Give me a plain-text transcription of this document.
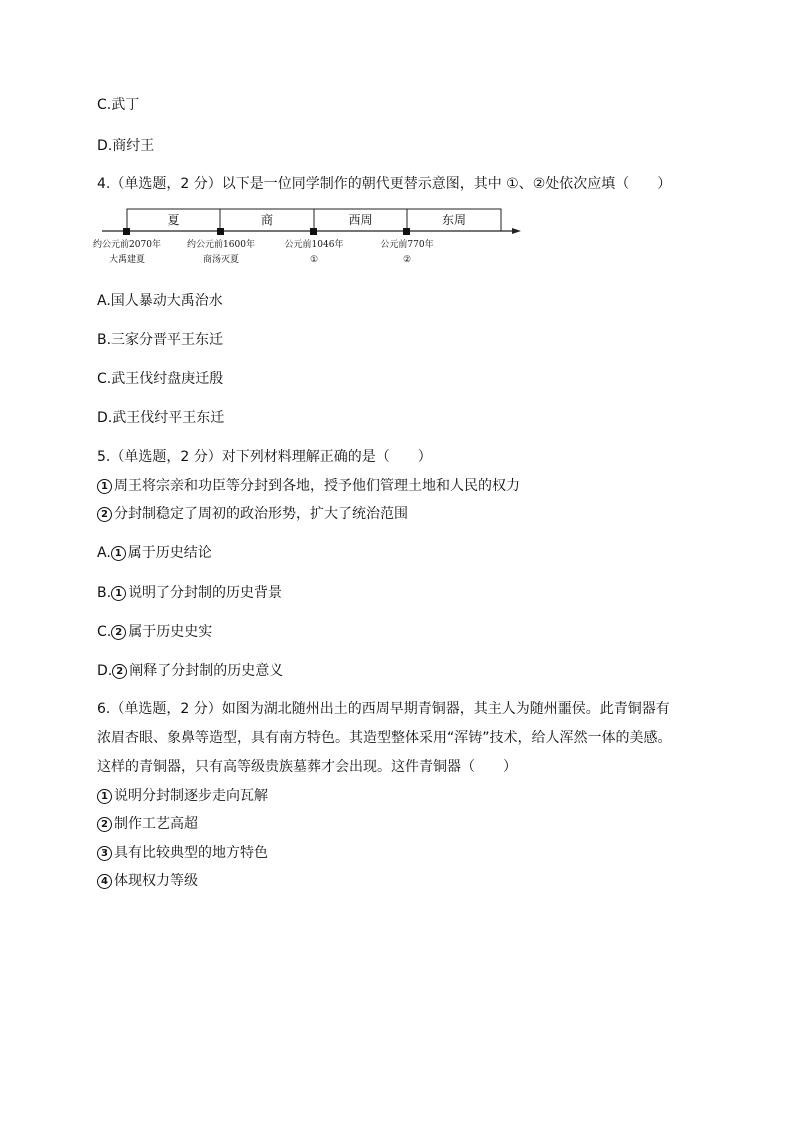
C.武丁
D.商纣王
4.（单选题，2 分）以下是一位同学制作的朝代更替示意图，其中 ①、②处依次应填（　　）
夏	商	西周	东周
约公元前2070年
大禹建夏
约公元前1600年
商汤灭夏
公元前1046年
①
公元前770年
②
A.国人暴动大禹治水
B.三家分晋平王东迁
C.武王伐纣盘庚迁殷
D.武王伐纣平王东迁
5.（单选题，2 分）对下列材料理解正确的是（　　）
1 周王将宗亲和功臣等分封到各地，授予他们管理土地和人民的权力
2 分封制稳定了周初的政治形势，扩大了统治范围
A. 1 属于历史结论
B. 1 说明了分封制的历史背景
C. 2 属于历史史实
D. 2 阐释了分封制的历史意义
6.（单选题，2 分）如图为湖北随州出土的西周早期青铜器，其主人为随州噩侯。此青铜器有
浓眉杏眼、象鼻等造型，具有南方特色。其造型整体采用“浑铸”技术，给人浑然一体的美感。
这样的青铜器，只有高等级贵族墓葬才会出现。这件青铜器（　　）
1 说明分封制逐步走向瓦解
2 制作工艺高超
3 具有比较典型的地方特色
4 体现权力等级
